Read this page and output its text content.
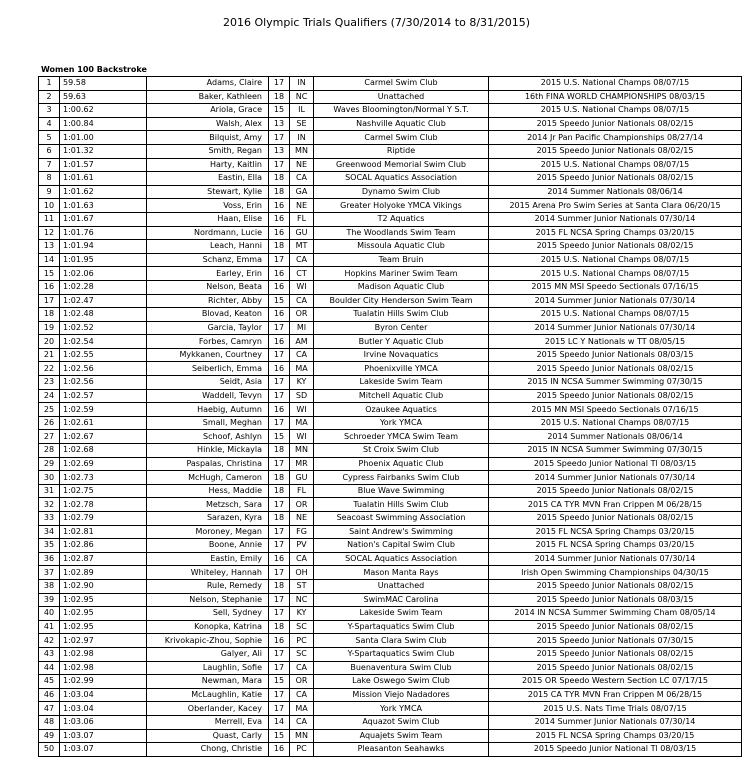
2016 Olympic Trials Qualifiers (7/30/2014 to 8/31/2015)
Women 100 Backstroke
1	59.58	Adams, Claire	17	IN	Carmel Swim Club	2015 U.S. National Champs 08/07/15
2	59.63	Baker, Kathleen	18	NC	Unattached	16th FINA WORLD CHAMPIONSHIPS 08/03/15
3	1:00.62	Ariola, Grace	15	IL	Waves Bloomington/Normal Y S.T.	2015 U.S. National Champs 08/07/15
4	1:00.84	Walsh, Alex	13	SE	Nashville Aquatic Club	2015 Speedo Junior Nationals 08/02/15
5	1:01.00	Bilquist, Amy	17	IN	Carmel Swim Club	2014 Jr Pan Pacific Championships 08/27/14
6	1:01.32	Smith, Regan	13	MN	Riptide	2015 Speedo Junior Nationals 08/02/15
7	1:01.57	Harty, Kaitlin	17	NE	Greenwood Memorial Swim Club	2015 U.S. National Champs 08/07/15
8	1:01.61	Eastin, Ella	18	CA	SOCAL Aquatics Association	2015 Speedo Junior Nationals 08/02/15
9	1:01.62	Stewart, Kylie	18	GA	Dynamo Swim Club	2014 Summer Nationals 08/06/14
10	1:01.63	Voss, Erin	16	NE	Greater Holyoke YMCA Vikings	2015 Arena Pro Swim Series at Santa Clara 06/20/15
11	1:01.67	Haan, Elise	16	FL	T2 Aquatics	2014 Summer Junior Nationals 07/30/14
12	1:01.76	Nordmann, Lucie	16	GU	The Woodlands Swim Team	2015 FL NCSA Spring Champs 03/20/15
13	1:01.94	Leach, Hanni	18	MT	Missoula Aquatic Club	2015 Speedo Junior Nationals 08/02/15
14	1:01.95	Schanz, Emma	17	CA	Team Bruin	2015 U.S. National Champs 08/07/15
15	1:02.06	Earley, Erin	16	CT	Hopkins Mariner Swim Team	2015 U.S. National Champs 08/07/15
16	1:02.28	Nelson, Beata	16	WI	Madison Aquatic Club	2015 MN MSI Speedo Sectionals 07/16/15
17	1:02.47	Richter, Abby	15	CA	Boulder City Henderson Swim Team	2014 Summer Junior Nationals 07/30/14
18	1:02.48	Blovad, Keaton	16	OR	Tualatin Hills Swim Club	2015 U.S. National Champs 08/07/15
19	1:02.52	Garcia, Taylor	17	MI	Byron Center	2014 Summer Junior Nationals 07/30/14
20	1:02.54	Forbes, Camryn	16	AM	Butler Y Aquatic Club	2015 LC Y Nationals w TT 08/05/15
21	1:02.55	Mykkanen, Courtney	17	CA	Irvine Novaquatics	2015 Speedo Junior Nationals 08/03/15
22	1:02.56	Seiberlich, Emma	16	MA	Phoenixville YMCA	2015 Speedo Junior Nationals 08/02/15
23	1:02.56	Seidt, Asia	17	KY	Lakeside Swim Team	2015 IN NCSA Summer Swimming 07/30/15
24	1:02.57	Waddell, Tevyn	17	SD	Mitchell Aquatic Club	2015 Speedo Junior Nationals 08/02/15
25	1:02.59	Haebig, Autumn	16	WI	Ozaukee Aquatics	2015 MN MSI Speedo Sectionals 07/16/15
26	1:02.61	Small, Meghan	17	MA	York YMCA	2015 U.S. National Champs 08/07/15
27	1:02.67	Schoof, Ashlyn	15	WI	Schroeder YMCA Swim Team	2014 Summer Nationals 08/06/14
28	1:02.68	Hinkle, Mickayla	18	MN	St Croix Swim Club	2015 IN NCSA Summer Swimming 07/30/15
29	1:02.69	Paspalas, Christina	17	MR	Phoenix Aquatic Club	2015 Speedo Junior National Tl 08/03/15
30	1:02.73	McHugh, Cameron	18	GU	Cypress Fairbanks Swim Club	2014 Summer Junior Nationals 07/30/14
31	1:02.75	Hess, Maddie	18	FL	Blue Wave Swimming	2015 Speedo Junior Nationals 08/02/15
32	1:02.78	Metzsch, Sara	17	OR	Tualatin Hills Swim Club	2015 CA TYR MVN Fran Crippen M 06/28/15
33	1:02.79	Sarazen, Kyra	18	NE	Seacoast Swimming Association	2015 Speedo Junior Nationals 08/02/15
34	1:02.81	Moroney, Megan	17	FG	Saint Andrew's Swimming	2015 FL NCSA Spring Champs 03/20/15
35	1:02.86	Boone, Annie	17	PV	Nation's Capital Swim Club	2015 FL NCSA Spring Champs 03/20/15
36	1:02.87	Eastin, Emily	16	CA	SOCAL Aquatics Association	2014 Summer Junior Nationals 07/30/14
37	1:02.89	Whiteley, Hannah	17	OH	Mason Manta Rays	Irish Open Swimming Championships 04/30/15
38	1:02.90	Rule, Remedy	18	ST	Unattached	2015 Speedo Junior Nationals 08/02/15
39	1:02.95	Nelson, Stephanie	17	NC	SwimMAC Carolina	2015 Speedo Junior Nationals 08/03/15
40	1:02.95	Sell, Sydney	17	KY	Lakeside Swim Team	2014 IN NCSA Summer Swimming Cham 08/05/14
41	1:02.95	Konopka, Katrina	18	SC	Y-Spartaquatics Swim Club	2015 Speedo Junior Nationals 08/02/15
42	1:02.97	Krivokapic-Zhou, Sophie	16	PC	Santa Clara Swim Club	2015 Speedo Junior Nationals 07/30/15
43	1:02.98	Galyer, Ali	17	SC	Y-Spartaquatics Swim Club	2015 Speedo Junior Nationals 08/02/15
44	1:02.98	Laughlin, Sofie	17	CA	Buenaventura Swim Club	2015 Speedo Junior Nationals 08/02/15
45	1:02.99	Newman, Mara	15	OR	Lake Oswego Swim Club	2015 OR Speedo Western Section LC 07/17/15
46	1:03.04	McLaughlin, Katie	17	CA	Mission Viejo Nadadores	2015 CA TYR MVN Fran Crippen M 06/28/15
47	1:03.04	Oberlander, Kacey	17	MA	York YMCA	2015 U.S. Nats Time Trials 08/07/15
48	1:03.06	Merrell, Eva	14	CA	Aquazot Swim Club	2014 Summer Junior Nationals 07/30/14
49	1:03.07	Quast, Carly	15	MN	Aquajets Swim Team	2015 FL NCSA Spring Champs 03/20/15
50	1:03.07	Chong, Christie	16	PC	Pleasanton Seahawks	2015 Speedo Junior National Tl 08/03/15
